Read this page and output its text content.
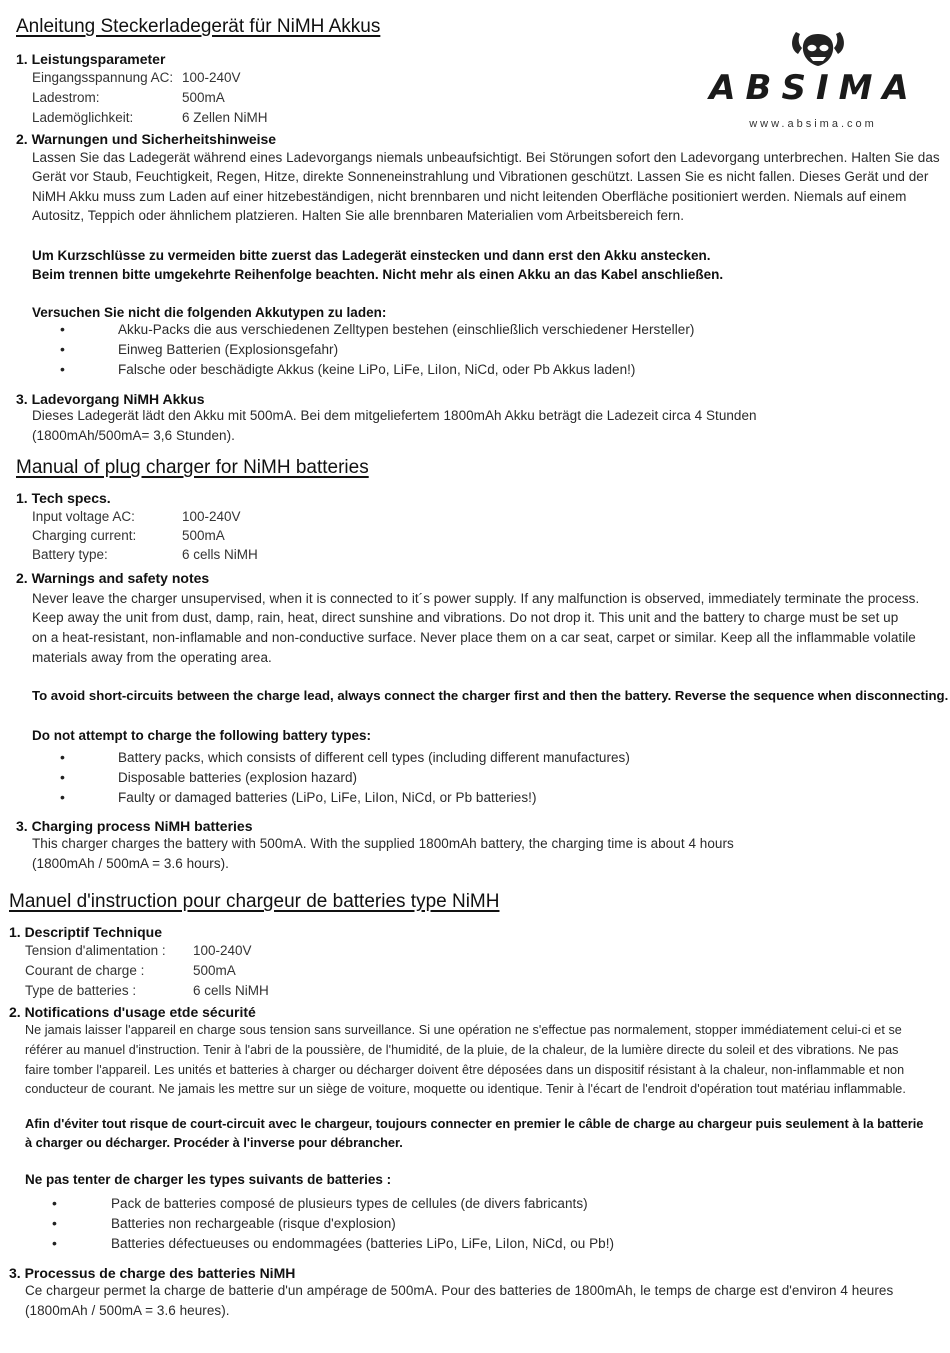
ABSIMA
www.absima.com
Anleitung Steckerladegerät für NiMH Akkus
1. Leistungsparameter
Eingangsspannung AC: 100-240V
Ladestrom:	500mA
Lademöglichkeit:	6 Zellen NiMH
2. Warnungen und Sicherheitshinweise
Lassen Sie das Ladegerät während eines Ladevorgangs niemals unbeaufsichtigt. Bei Störungen sofort den Ladevorgang unterbrechen. Halten Sie das
Gerät vor Staub, Feuchtigkeit, Regen, Hitze, direkte Sonneneinstrahlung und Vibrationen geschützt. Lassen Sie es nicht fallen. Dieses Gerät und der
NiMH Akku muss zum Laden auf einer hitzebeständigen, nicht brennbaren und nicht leitenden Oberfläche positioniert werden. Niemals auf einem
Autositz, Teppich oder ähnlichem platzieren. Halten Sie alle brennbaren Materialien vom Arbeitsbereich fern.
Um Kurzschlüsse zu vermeiden bitte zuerst das Ladegerät einstecken und dann erst den Akku anstecken.
Beim trennen bitte umgekehrte Reihenfolge beachten. Nicht mehr als einen Akku an das Kabel anschließen.
Versuchen Sie nicht die folgenden Akkutypen zu laden:
•	Akku-Packs die aus verschiedenen Zelltypen bestehen (einschließlich verschiedener Hersteller)
•	Einweg Batterien (Explosionsgefahr)
•	Falsche oder beschädigte Akkus (keine LiPo, LiFe, LiIon, NiCd, oder Pb Akkus laden!)
3. Ladevorgang NiMH Akkus
Dieses Ladegerät lädt den Akku mit 500mA. Bei dem mitgeliefertem 1800mAh Akku beträgt die Ladezeit circa 4 Stunden
(1800mAh/500mA= 3,6 Stunden).
Manual of plug charger for NiMH batteries
1. Tech specs.
Input voltage AC:	100-240V
Charging current:	500mA
Battery type:	6 cells NiMH
2. Warnings and safety notes
Never leave the charger unsupervised, when it is connected to it´s power supply. If any malfunction is observed, immediately terminate the process.
Keep away the unit from dust, damp, rain, heat, direct sunshine and vibrations. Do not drop it. This unit and the battery to charge must be set up
on a heat-resistant, non-inflamable and non-conductive surface. Never place them on a car seat, carpet or similar. Keep all the inflammable volatile
materials away from the operating area.
To avoid short-circuits between the charge lead, always connect the charger first and then the battery. Reverse the sequence when disconnecting.
Do not attempt to charge the following battery types:
•	Battery packs, which consists of different cell types (including different manufactures)
•	Disposable batteries (explosion hazard)
•	Faulty or damaged batteries (LiPo, LiFe, LiIon, NiCd, or Pb batteries!)
3. Charging process NiMH batteries
This charger charges the battery with 500mA. With the supplied 1800mAh battery, the charging time is about 4 hours
(1800mAh / 500mA = 3.6 hours).
Manuel d'instruction pour chargeur de batteries type NiMH
1. Descriptif Technique
Tension d'alimentation : 100-240V
Courant de charge :	500mA
Type de batteries :	6 cells NiMH
2. Notifications d'usage etde sécurité
Ne jamais laisser l'appareil en charge sous tension sans surveillance. Si une opération ne s'effectue pas normalement, stopper immédiatement celui-ci et se
référer au manuel d'instruction. Tenir à l'abri de la poussière, de l'humidité, de la pluie, de la chaleur, de la lumière directe du soleil et des vibrations. Ne pas
faire tomber l'appareil. Les unités et batteries à charger ou décharger doivent être déposées dans un dispositif résistant à la chaleur, non-inflammable et non
conducteur de courant. Ne jamais les mettre sur un siège de voiture, moquette ou identique. Tenir à l'écart de l'endroit d'opération tout matériau inflammable.
Afin d'éviter tout risque de court-circuit avec le chargeur, toujours connecter en premier le câble de charge au chargeur puis seulement à la batterie
à charger ou décharger. Procéder à l'inverse pour débrancher.
Ne pas tenter de charger les types suivants de batteries :
•	Pack de batteries composé de plusieurs types de cellules (de divers fabricants)
•	Batteries non rechargeable (risque d'explosion)
•	Batteries défectueuses ou endommagées (batteries LiPo, LiFe, LiIon, NiCd, ou Pb!)
3. Processus de charge des batteries NiMH
Ce chargeur permet la charge de batterie d'un ampérage de 500mA. Pour des batteries de 1800mAh, le temps de charge est d'environ 4 heures
(1800mAh / 500mA = 3.6 heures).
